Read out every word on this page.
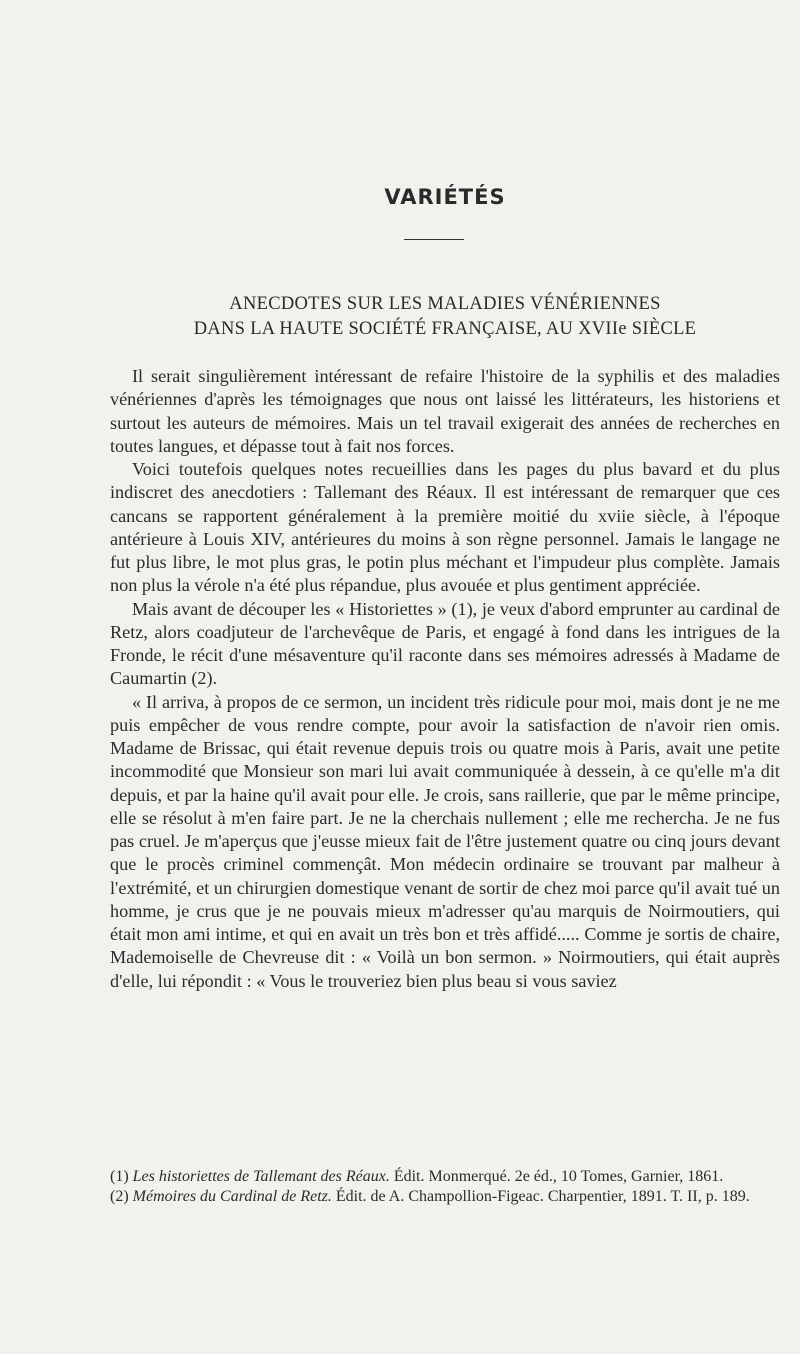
VARIÉTÉS
ANECDOTES SUR LES MALADIES VÉNÉRIENNES
DANS LA HAUTE SOCIÉTÉ FRANÇAISE, AU XVIIe SIÈCLE

Il serait singulièrement intéressant de refaire l'histoire de la syphilis et des maladies vénériennes d'après les témoignages que nous ont laissé les littérateurs, les historiens et surtout les auteurs de mémoires. Mais un tel travail exigerait des années de recherches en toutes langues, et dépasse tout à fait nos forces.

Voici toutefois quelques notes recueillies dans les pages du plus bavard et du plus indiscret des anecdotiers : Tallemant des Réaux. Il est intéressant de remarquer que ces cancans se rapportent généralement à la première moitié du xviie siècle, à l'époque antérieure à Louis XIV, antérieures du moins à son règne personnel. Jamais le langage ne fut plus libre, le mot plus gras, le potin plus méchant et l'impudeur plus complète. Jamais non plus la vérole n'a été plus répandue, plus avouée et plus gentiment appréciée.

Mais avant de découper les « Historiettes » (1), je veux d'abord emprunter au cardinal de Retz, alors coadjuteur de l'archevêque de Paris, et engagé à fond dans les intrigues de la Fronde, le récit d'une mésaventure qu'il raconte dans ses mémoires adressés à Madame de Caumartin (2).

« Il arriva, à propos de ce sermon, un incident très ridicule pour moi, mais dont je ne me puis empêcher de vous rendre compte, pour avoir la satisfaction de n'avoir rien omis. Madame de Brissac, qui était revenue depuis trois ou quatre mois à Paris, avait une petite incommodité que Monsieur son mari lui avait communiquée à dessein, à ce qu'elle m'a dit depuis, et par la haine qu'il avait pour elle. Je crois, sans raillerie, que par le même principe, elle se résolut à m'en faire part. Je ne la cherchais nullement ; elle me rechercha. Je ne fus pas cruel. Je m'aperçus que j'eusse mieux fait de l'être justement quatre ou cinq jours devant que le procès criminel commençât. Mon médecin ordinaire se trouvant par malheur à l'extrémité, et un chirurgien domestique venant de sortir de chez moi parce qu'il avait tué un homme, je crus que je ne pouvais mieux m'adresser qu'au marquis de Noirmoutiers, qui était mon ami intime, et qui en avait un très bon et très affidé..... Comme je sortis de chaire, Mademoiselle de Chevreuse dit : « Voilà un bon sermon. » Noirmoutiers, qui était auprès d'elle, lui répondit : « Vous le trouveriez bien plus beau si vous saviez

(1) Les historiettes de Tallemant des Réaux. Édit. Monmerqué. 2e éd., 10 Tomes, Garnier, 1861.

(2) Mémoires du Cardinal de Retz. Édit. de A. Champollion-Figeac. Charpentier, 1891. T. II, p. 189.
